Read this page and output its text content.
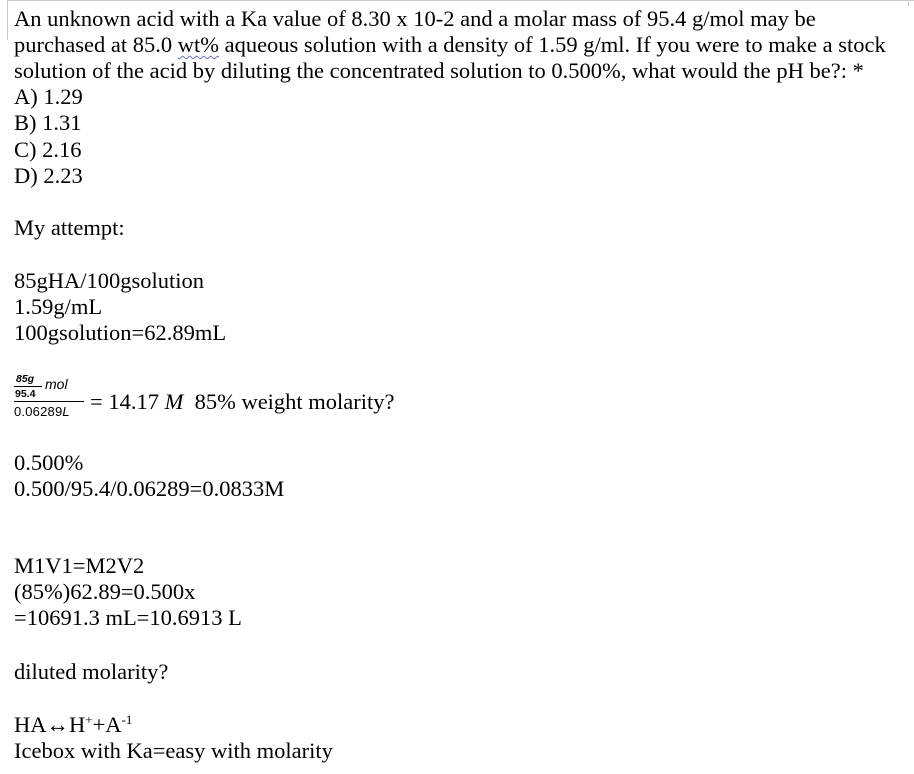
An unknown acid with a Ka value of 8.30 x 10-2 and a molar mass of 95.4 g/mol may be
purchased at 85.0 wt% aqueous solution with a density of 1.59 g/ml. If you were to make a stock
solution of the acid by diluting the concentrated solution to 0.500%, what would the pH be?: *
A) 1.29
B) 1.31
C) 2.16
D) 2.23
My attempt:
85gHA/100gsolution
1.59g/mL
100gsolution=62.89mL
85g
95.4
mol
0.06289L = 14.17 M  85% weight molarity?
0.500%
0.500/95.4/0.06289=0.0833M
M1V1=M2V2
(85%)62.89=0.500x
=10691.3 mL=10.6913 L
diluted molarity?
$HA\leftrightarrow H^++A^{-1}$
Icebox with Ka=easy with molarity
